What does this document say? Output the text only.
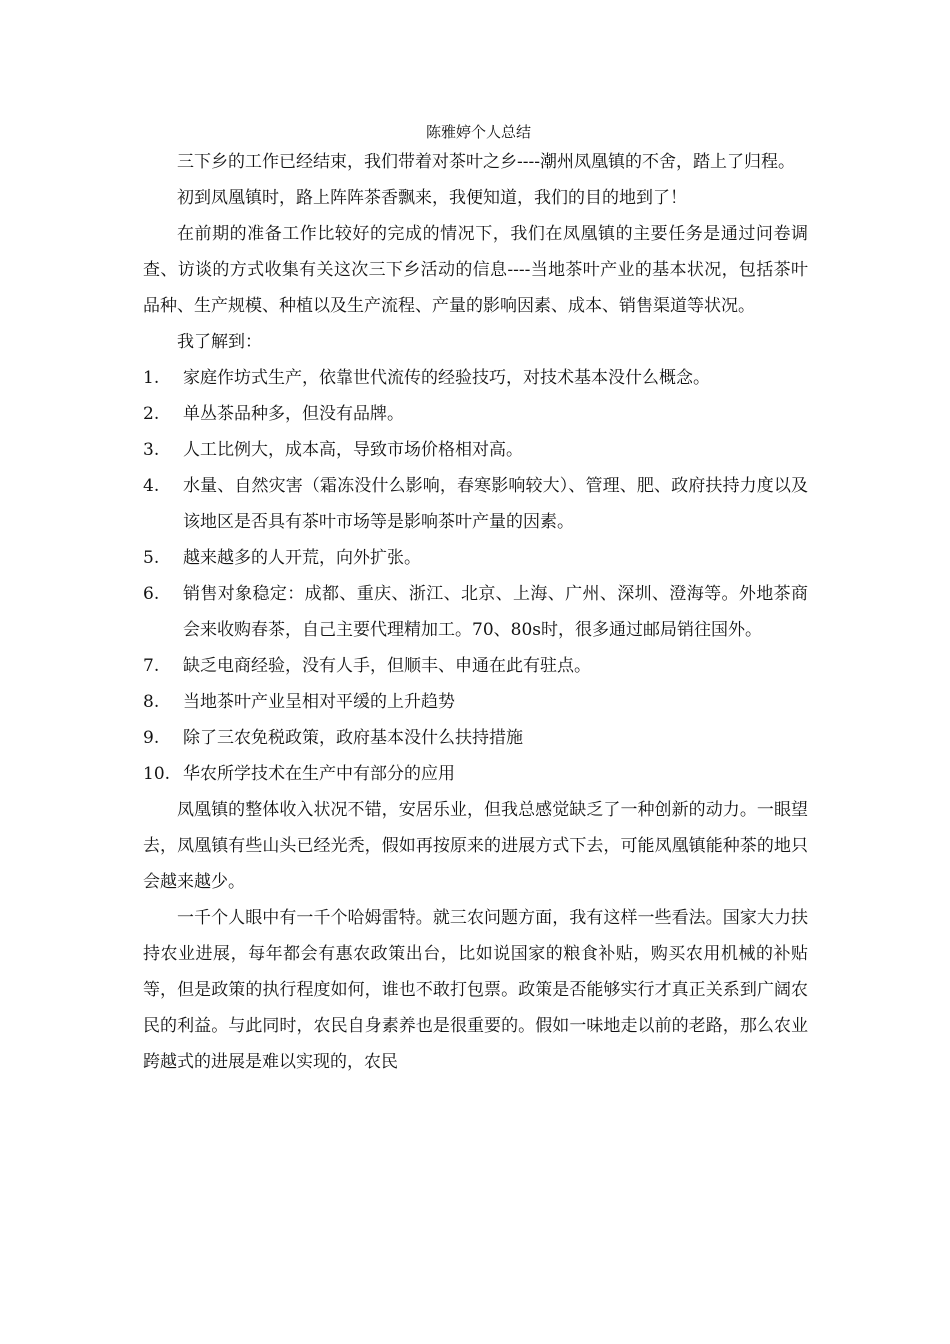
陈雅婷个人总结

三下乡的工作已经结束，我们带着对茶叶之乡----潮州凤凰镇的不舍，踏上了归程。

初到凤凰镇时，路上阵阵茶香飘来，我便知道，我们的目的地到了！

在前期的准备工作比较好的完成的情况下，我们在凤凰镇的主要任务是通过问卷调查、访谈的方式收集有关这次三下乡活动的信息----当地茶叶产业的基本状况，包括茶叶品种、生产规模、种植以及生产流程、产量的影响因素、成本、销售渠道等状况。

我了解到：

1.	家庭作坊式生产，依靠世代流传的经验技巧，对技术基本没什么概念。
2.	单丛茶品种多，但没有品牌。
3.	人工比例大，成本高，导致市场价格相对高。
4.	水量、自然灾害（霜冻没什么影响，春寒影响较大）、管理、肥、政府扶持力度以及该地区是否具有茶叶市场等是影响茶叶产量的因素。
5.	越来越多的人开荒，向外扩张。
6.	销售对象稳定：成都、重庆、浙江、北京、上海、广州、深圳、澄海等。外地茶商会来收购春茶，自己主要代理精加工。70、80s时，很多通过邮局销往国外。
7.	缺乏电商经验，没有人手，但顺丰、申通在此有驻点。
8.	当地茶叶产业呈相对平缓的上升趋势
9.	除了三农免税政策，政府基本没什么扶持措施
10. 华农所学技术在生产中有部分的应用

凤凰镇的整体收入状况不错，安居乐业，但我总感觉缺乏了一种创新的动力。一眼望去，凤凰镇有些山头已经光秃，假如再按原来的进展方式下去，可能凤凰镇能种茶的地只会越来越少。

一千个人眼中有一千个哈姆雷特。就三农问题方面，我有这样一些看法。国家大力扶持农业进展，每年都会有惠农政策出台，比如说国家的粮食补贴，购买农用机械的补贴等，但是政策的执行程度如何，谁也不敢打包票。政策是否能够实行才真正关系到广阔农民的利益。与此同时，农民自身素养也是很重要的。假如一味地走以前的老路，那么农业跨越式的进展是难以实现的，农民
